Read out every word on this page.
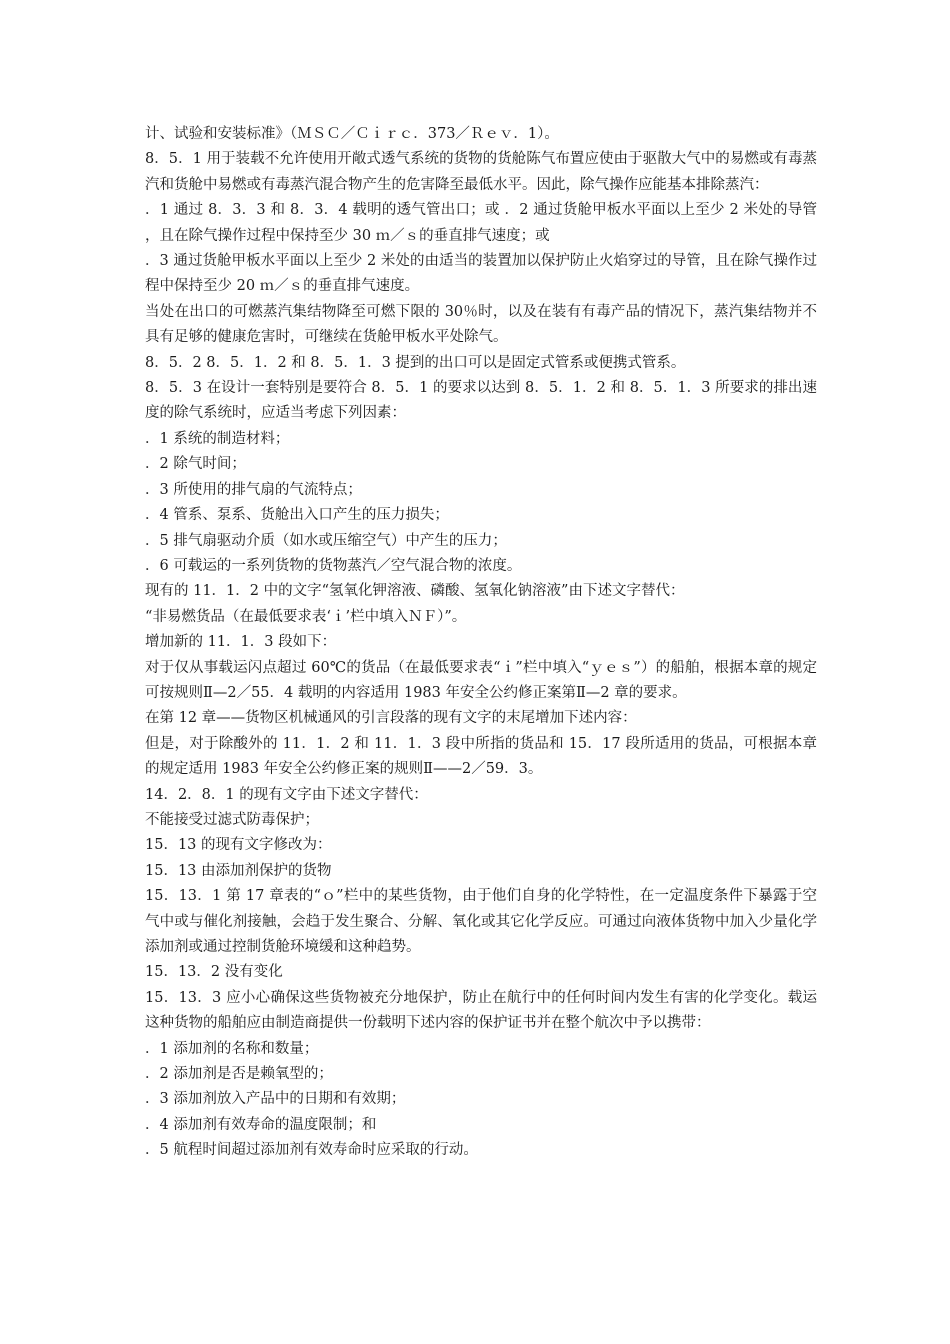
计、试验和安装标准》（ＭＳＣ／Ｃｉｒｃ．373／Ｒｅｖ．1）。

8．5．1 用于装载不允许使用开敞式透气系统的货物的货舱陈气布置应使由于驱散大气中的易燃或有毒蒸汽和货舱中易燃或有毒蒸汽混合物产生的危害降至最低水平。因此，除气操作应能基本排除蒸汽：

．1 通过 8．3．3 和 8．3．4 载明的透气管出口；或 ．2 通过货舱甲板水平面以上至少 2 米处的导管，且在除气操作过程中保持至少 30 ｍ／ｓ的垂直排气速度；或

．3 通过货舱甲板水平面以上至少 2 米处的由适当的装置加以保护防止火焰穿过的导管，且在除气操作过程中保持至少 20 ｍ／ｓ的垂直排气速度。

当处在出口的可燃蒸汽集结物降至可燃下限的 30％时，以及在装有有毒产品的情况下，蒸汽集结物并不具有足够的健康危害时，可继续在货舱甲板水平处除气。

8．5．2 8．5．1．2 和 8．5．1．3 提到的出口可以是固定式管系或便携式管系。

8．5．3 在设计一套特别是要符合 8．5．1 的要求以达到 8．5．1．2 和 8．5．1．3 所要求的排出速度的除气系统时，应适当考虑下列因素：

．1 系统的制造材料；

．2 除气时间；

．3 所使用的排气扇的气流特点；

．4 管系、泵系、货舱出入口产生的压力损失；

．5 排气扇驱动介质（如水或压缩空气）中产生的压力；

．6 可载运的一系列货物的货物蒸汽／空气混合物的浓度。

现有的 11．1．2 中的文字“氢氧化钾溶液、磷酸、氢氧化钠溶液”由下述文字替代：

“非易燃货品（在最低要求表‘ｉ’栏中填入ＮＦ）”。

增加新的 11．1．3 段如下：

对于仅从事载运闪点超过 60℃的货品（在最低要求表“ｉ”栏中填入“ｙｅｓ”）的船舶，根据本章的规定可按规则Ⅱ—2／55．4 载明的内容适用 1983 年安全公约修正案第Ⅱ—2 章的要求。

在第 12 章——货物区机械通风的引言段落的现有文字的末尾增加下述内容：

但是，对于除酸外的 11．1．2 和 11．1．3 段中所指的货品和 15．17 段所适用的货品，可根据本章的规定适用 1983 年安全公约修正案的规则Ⅱ——2／59．3。

14．2．8．1 的现有文字由下述文字替代：

不能接受过滤式防毒保护；

15．13 的现有文字修改为：

15．13 由添加剂保护的货物

15．13．1 第 17 章表的“ｏ”栏中的某些货物，由于他们自身的化学特性，在一定温度条件下暴露于空气中或与催化剂接触，会趋于发生聚合、分解、氧化或其它化学反应。可通过向液体货物中加入少量化学添加剂或通过控制货舱环境缓和这种趋势。

15．13．2 没有变化

15．13．3 应小心确保这些货物被充分地保护，防止在航行中的任何时间内发生有害的化学变化。载运这种货物的船舶应由制造商提供一份载明下述内容的保护证书并在整个航次中予以携带：

．1 添加剂的名称和数量；

．2 添加剂是否是赖氧型的；

．3 添加剂放入产品中的日期和有效期；

．4 添加剂有效寿命的温度限制；和

．5 航程时间超过添加剂有效寿命时应采取的行动。
